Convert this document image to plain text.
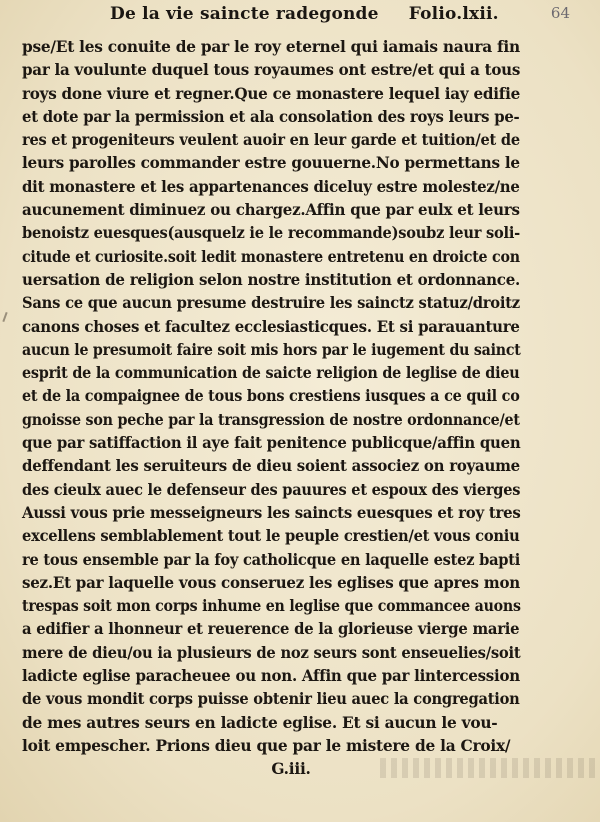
64
De la vie saincte radegonde Folio.lxii.
pse/Et les conuite de par le roy eternel qui iamais naura fin
par la voulunte duquel tous royaumes ont estre/et qui a tous
roys done viure et regner.Que ce monastere lequel iay edifie
et dote par la permission et ala consolation des roys leurs pe-
res et progeniteurs veulent auoir en leur garde et tuition/et de
leurs parolles commander estre gouuerne.No permettans le
dit monastere et les appartenances diceluy estre molestez/ne
aucunement diminuez ou chargez.Affin que par eulx et leurs
benoistz euesques(ausquelz ie le recommande)soubz leur soli-
citude et curiosite.soit ledit monastere entretenu en droicte con
uersation de religion selon nostre institution et ordonnance.
Sans ce que aucun presume destruire les sainctz statuz/droitz
canons choses et facultez ecclesiasticques. Et si parauanture
aucun le presumoit faire soit mis hors par le iugement du sainct
esprit de la communication de saicte religion de leglise de dieu
et de la compaignee de tous bons crestiens iusques a ce quil co
gnoisse son peche par la transgression de nostre ordonnance/et
que par satiffaction il aye fait penitence publicque/affin quen
deffendant les seruiteurs de dieu soient associez on royaume
des cieulx auec le defenseur des pauures et espoux des vierges
Aussi vous prie messeigneurs les saincts euesques et roy tres
excellens semblablement tout le peuple crestien/et vous coniu
re tous ensemble par la foy catholicque en laquelle estez bapti
sez.Et par laquelle vous conseruez les eglises que apres mon
trespas soit mon corps inhume en leglise que commancee auons
a edifier a lhonneur et reuerence de la glorieuse vierge marie
mere de dieu/ou ia plusieurs de noz seurs sont enseuelies/soit
ladicte eglise paracheuee ou non. Affin que par lintercession
de vous mondit corps puisse obtenir lieu auec la congregation
de mes autres seurs en ladicte eglise. Et si aucun le vou-
loit empescher. Prions dieu que par le mistere de la Croix/
G.iii.
